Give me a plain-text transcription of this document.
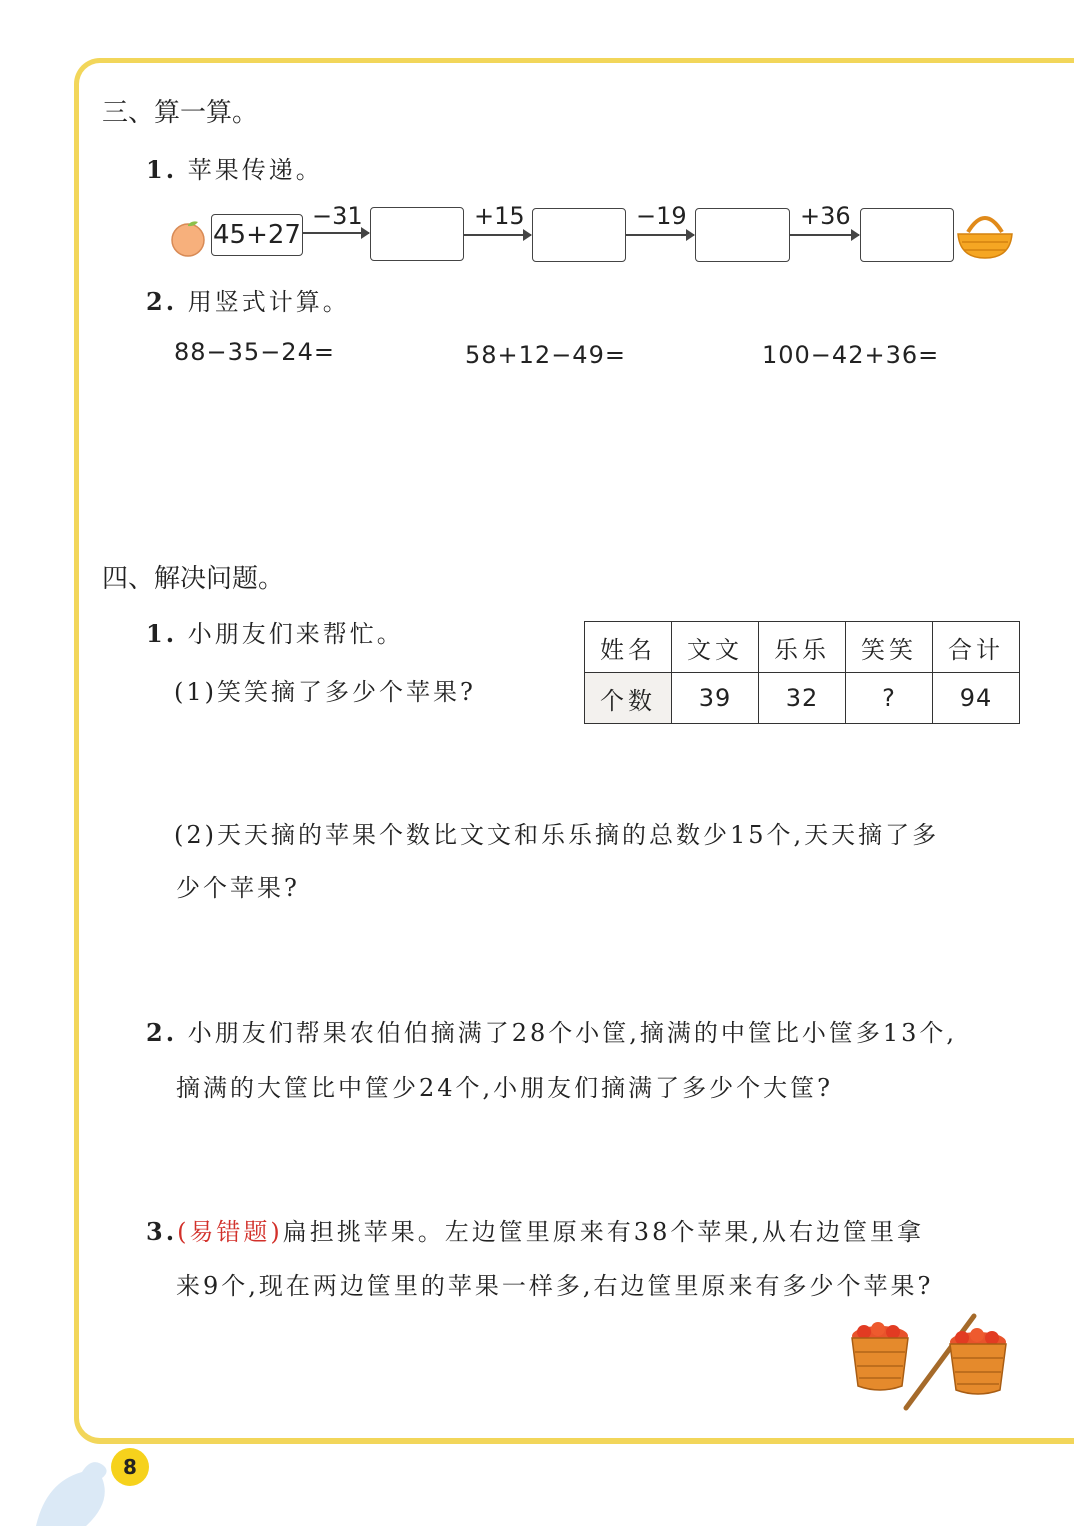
三、算一算。
1. 苹果传递。
45+27
−31	+15	−19	+36
2. 用竖式计算。
88−35−24=	58+12−49=	100−42+36=
四、解决问题。
1. 小朋友们来帮忙。
(1)笑笑摘了多少个苹果?
姓名	文文	乐乐	笑笑	合计
个数	39	32	?	94
(2)天天摘的苹果个数比文文和乐乐摘的总数少15个,天天摘了多
少个苹果?
2. 小朋友们帮果农伯伯摘满了28个小筐,摘满的中筐比小筐多13个,
摘满的大筐比中筐少24个,小朋友们摘满了多少个大筐?
3.(易错题)扁担挑苹果。左边筐里原来有38个苹果,从右边筐里拿
来9个,现在两边筐里的苹果一样多,右边筐里原来有多少个苹果?
8
